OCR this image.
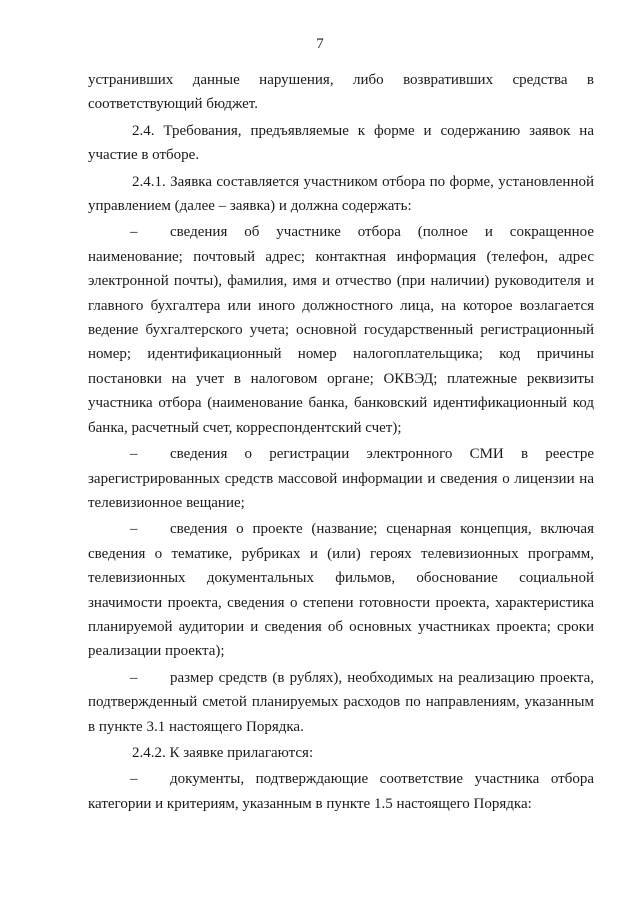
7

устранивших данные нарушения, либо возвративших средства в соответствующий бюджет.

2.4. Требования, предъявляемые к форме и содержанию заявок на участие в отборе.

2.4.1. Заявка составляется участником отбора по форме, установленной управлением (далее – заявка) и должна содержать:

– сведения об участнике отбора (полное и сокращенное наименование; почтовый адрес; контактная информация (телефон, адрес электронной почты), фамилия, имя и отчество (при наличии) руководителя и главного бухгалтера или иного должностного лица, на которое возлагается ведение бухгалтерского учета; основной государственный регистрационный номер; идентификационный номер налогоплательщика; код причины постановки на учет в налоговом органе; ОКВЭД; платежные реквизиты участника отбора (наименование банка, банковский идентификационный код банка, расчетный счет, корреспондентский счет);

– сведения о регистрации электронного СМИ в реестре зарегистрированных средств массовой информации и сведения о лицензии на телевизионное вещание;

– сведения о проекте (название; сценарная концепция, включая сведения о тематике, рубриках и (или) героях телевизионных программ, телевизионных документальных фильмов, обоснование социальной значимости проекта, сведения о степени готовности проекта, характеристика планируемой аудитории и сведения об основных участниках проекта; сроки реализации проекта);

– размер средств (в рублях), необходимых на реализацию проекта, подтвержденный сметой планируемых расходов по направлениям, указанным в пункте 3.1 настоящего Порядка.

2.4.2. К заявке прилагаются:

– документы, подтверждающие соответствие участника отбора категории и критериям, указанным в пункте 1.5 настоящего Порядка:
